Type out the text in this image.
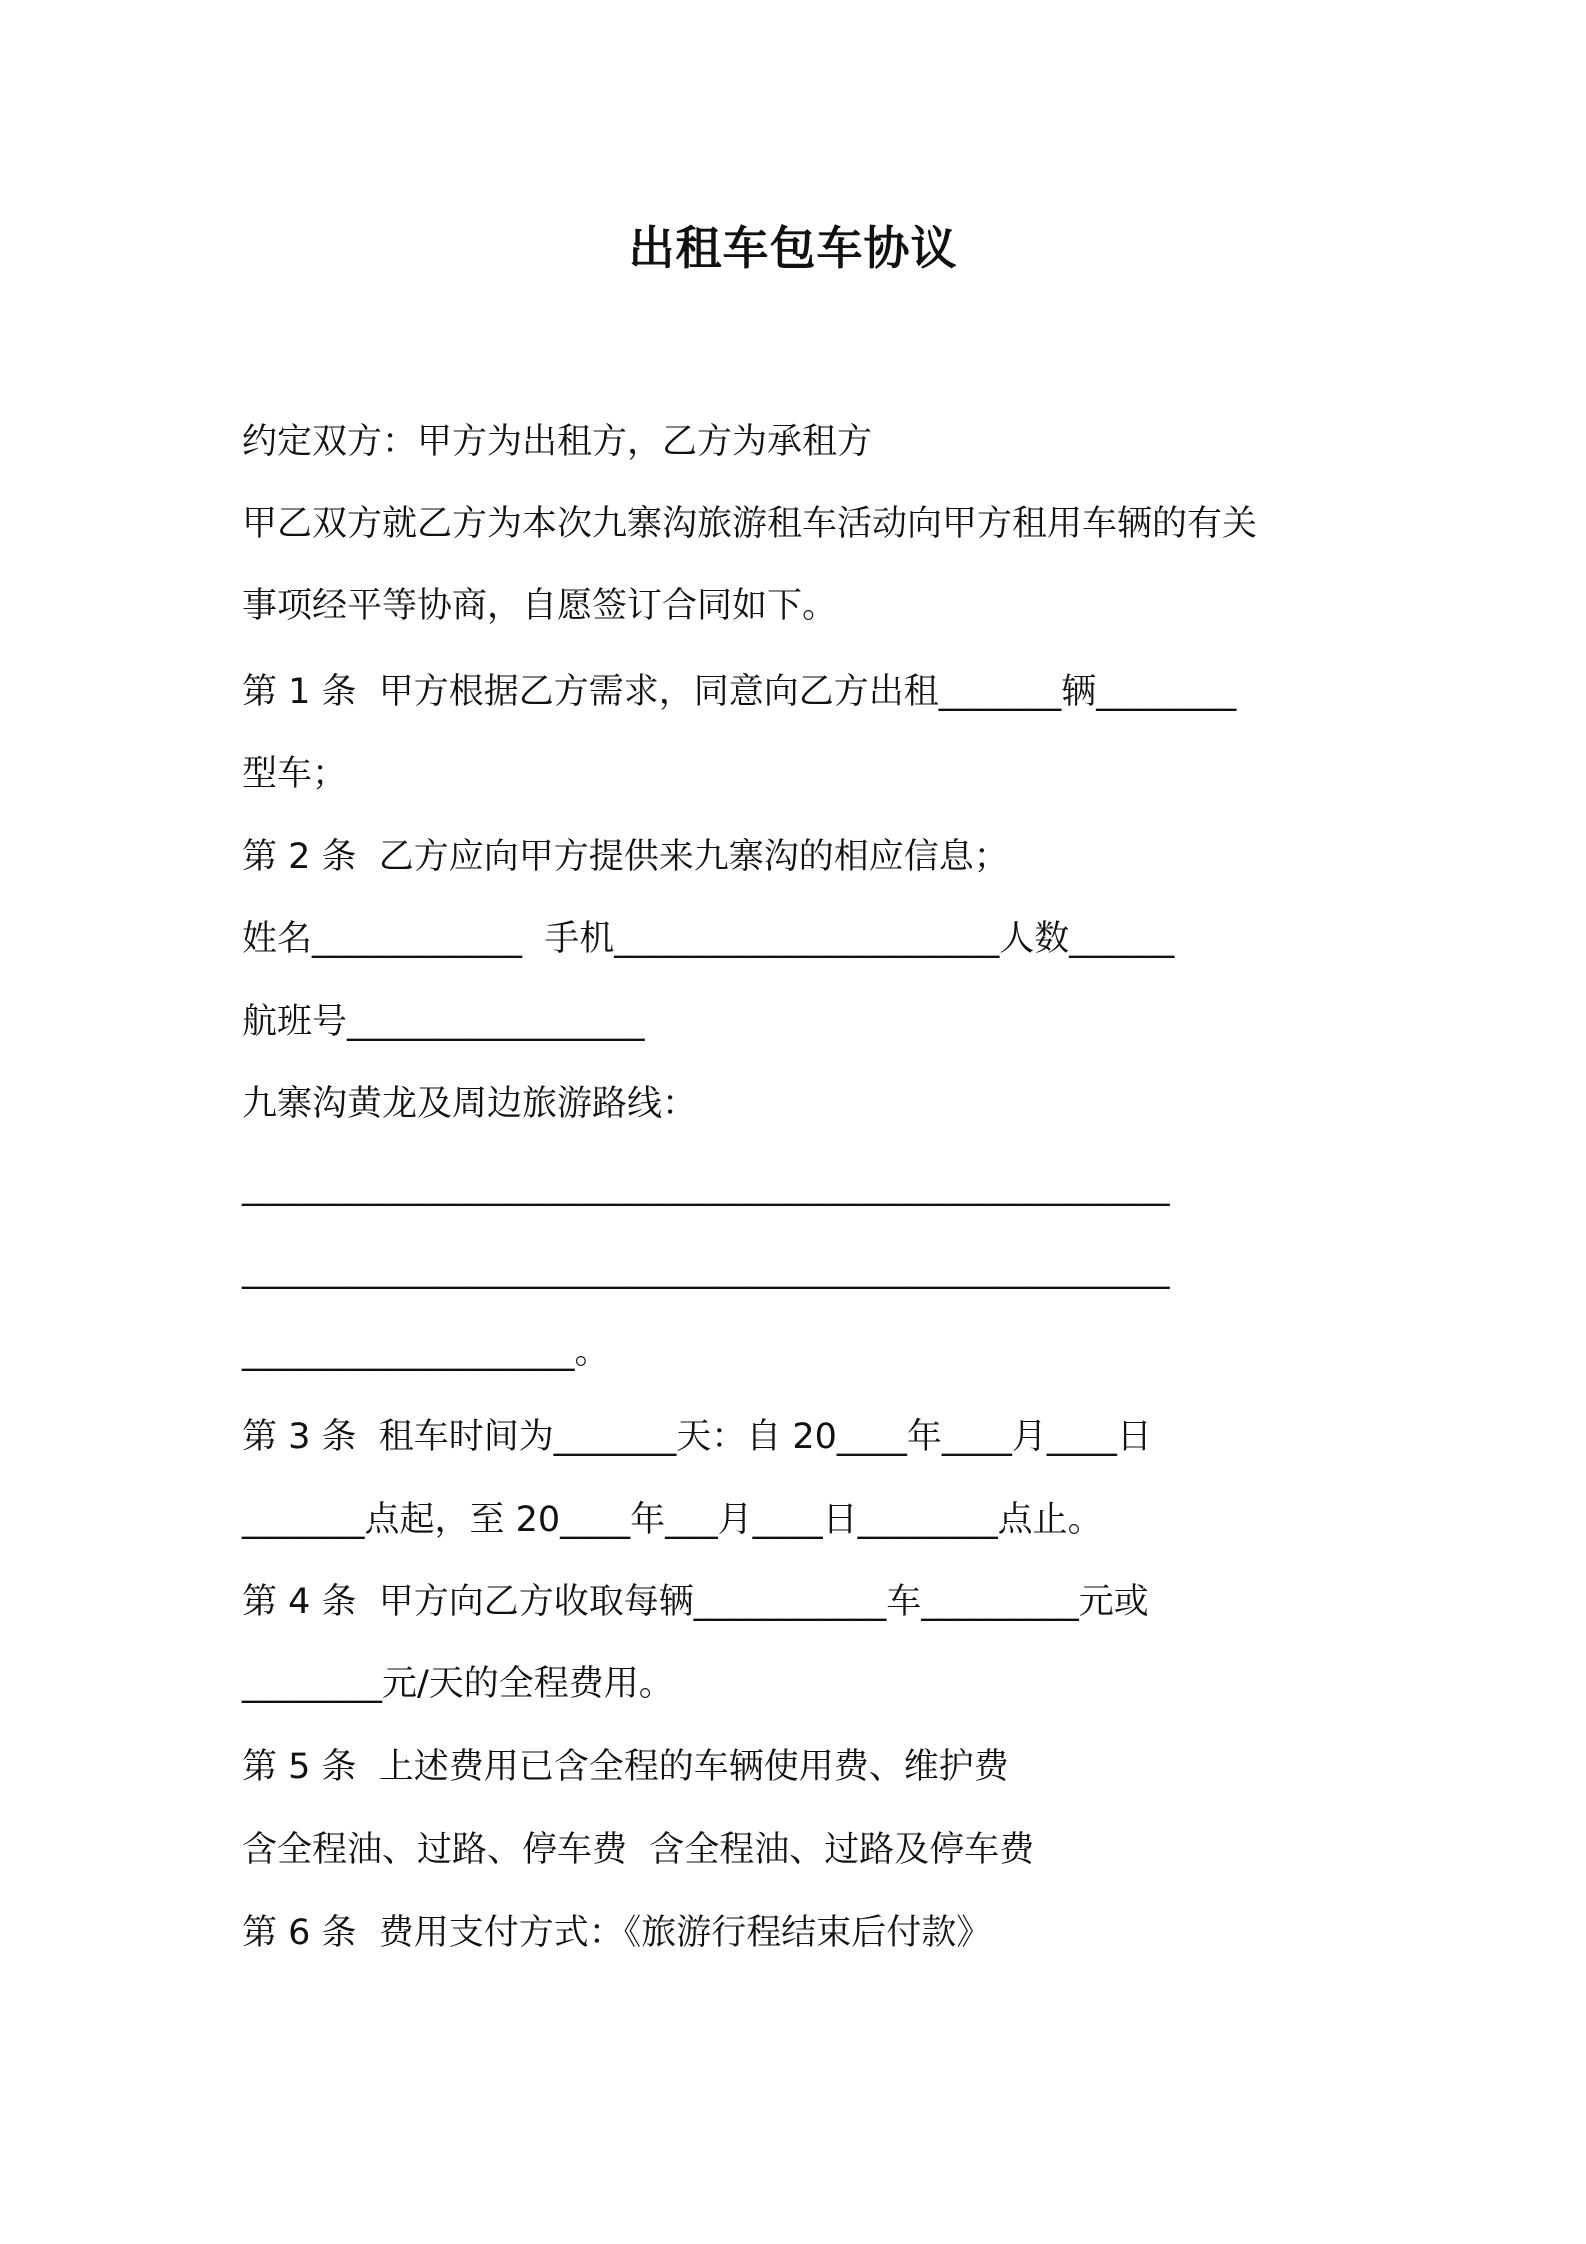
出租车包车协议
约定双方：甲方为出租方，乙方为承租方
甲乙双方就乙方为本次九寨沟旅游租车活动向甲方租用车辆的有关
事项经平等协商，自愿签订合同如下。
第 1 条  甲方根据乙方需求，同意向乙方出租_______辆________
型车；
第 2 条  乙方应向甲方提供来九寨沟的相应信息；
姓名____________  手机______________________人数______
航班号_________________
九寨沟黄龙及周边旅游路线：
_____________________________________________________
_____________________________________________________
___________________。
第 3 条  租车时间为_______天：自 20____年____月____日
_______点起，至 20____年___月____日________点止。
第 4 条  甲方向乙方收取每辆___________车_________元或
________元/天的全程费用。
第 5 条  上述费用已含全程的车辆使用费、维护费
含全程油、过路、停车费  含全程油、过路及停车费
第 6 条  费用支付方式：《旅游行程结束后付款》
